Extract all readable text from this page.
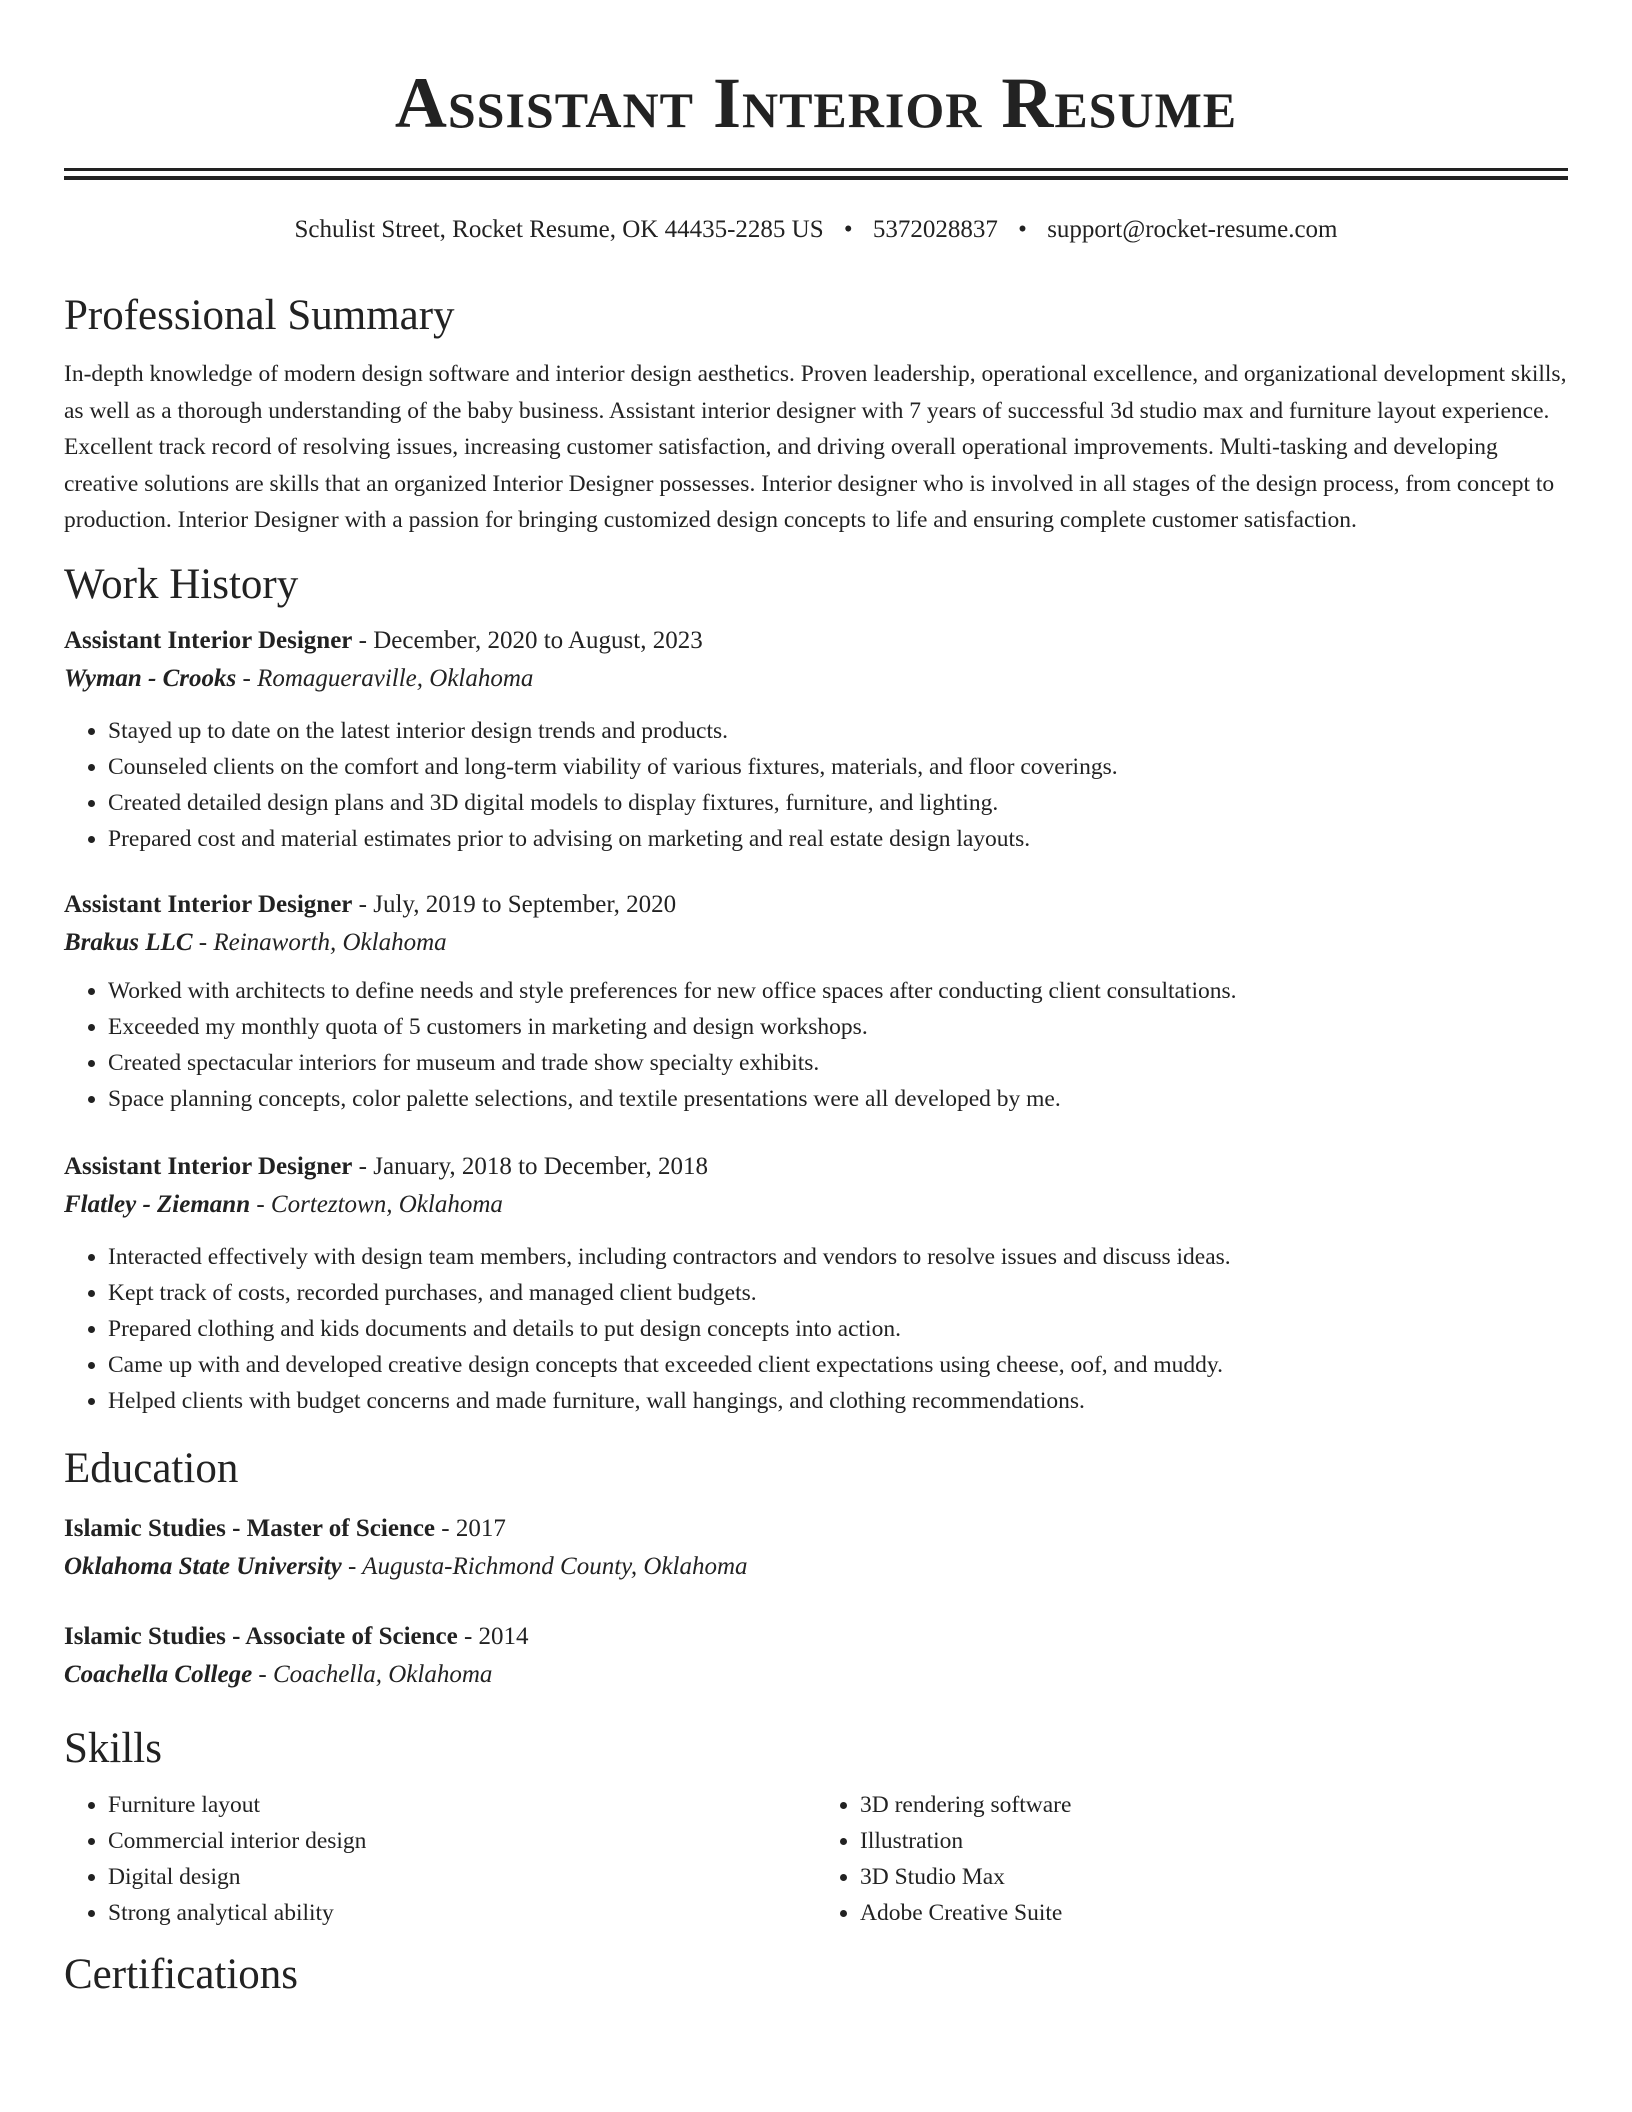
Assistant Interior Resume
Schulist Street, Rocket Resume, OK 44435-2285 US • 5372028837 • support@rocket-resume.com
Professional Summary

In-depth knowledge of modern design software and interior design aesthetics. Proven leadership, operational excellence, and organizational development skills, as well as a thorough understanding of the baby business. Assistant interior designer with 7 years of successful 3d studio max and furniture layout experience. Excellent track record of resolving issues, increasing customer satisfaction, and driving overall operational improvements. Multi-tasking and developing creative solutions are skills that an organized Interior Designer possesses. Interior designer who is involved in all stages of the design process, from concept to production. Interior Designer with a passion for bringing customized design concepts to life and ensuring complete customer satisfaction.

Work History
Assistant Interior Designer - December, 2020 to August, 2023
Wyman - Crooks - Romagueraville, Oklahoma
• Stayed up to date on the latest interior design trends and products.
• Counseled clients on the comfort and long-term viability of various fixtures, materials, and floor coverings.
• Created detailed design plans and 3D digital models to display fixtures, furniture, and lighting.
• Prepared cost and material estimates prior to advising on marketing and real estate design layouts.
Assistant Interior Designer - July, 2019 to September, 2020
Brakus LLC - Reinaworth, Oklahoma
• Worked with architects to define needs and style preferences for new office spaces after conducting client consultations.
• Exceeded my monthly quota of 5 customers in marketing and design workshops.
• Created spectacular interiors for museum and trade show specialty exhibits.
• Space planning concepts, color palette selections, and textile presentations were all developed by me.
Assistant Interior Designer - January, 2018 to December, 2018
Flatley - Ziemann - Corteztown, Oklahoma
• Interacted effectively with design team members, including contractors and vendors to resolve issues and discuss ideas.
• Kept track of costs, recorded purchases, and managed client budgets.
• Prepared clothing and kids documents and details to put design concepts into action.
• Came up with and developed creative design concepts that exceeded client expectations using cheese, oof, and muddy.
• Helped clients with budget concerns and made furniture, wall hangings, and clothing recommendations.
Education
Islamic Studies - Master of Science - 2017
Oklahoma State University - Augusta-Richmond County, Oklahoma
Islamic Studies - Associate of Science - 2014
Coachella College - Coachella, Oklahoma
Skills
• Furniture layout
• Commercial interior design
• Digital design
• Strong analytical ability
• 3D rendering software
• Illustration
• 3D Studio Max
• Adobe Creative Suite
Certifications
